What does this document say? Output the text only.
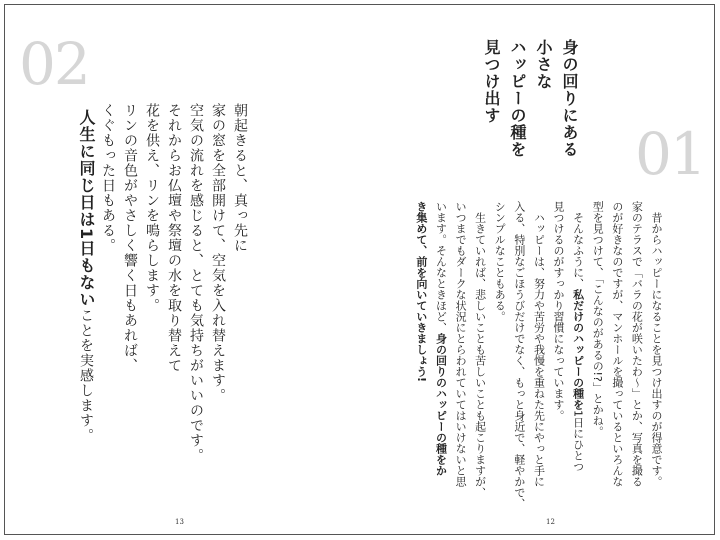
02
朝起きると、真っ先に
家の窓を全部開けて、空気を入れ替えます。
空気の流れを感じると、とても気持ちがいいのです。
それからお仏壇や祭壇の水を取り替えて
花を供え、リンを鳴らします。
リンの音色がやさしく響く日もあれば、
くぐもった日もある。
人生に同じ日は1日もないことを実感します。
13
身の回りにある
小さな
ハッピーの種を
見つけ出す
01
　昔からハッピーになることを見つけ出すのが得意です。
家のテラスで「バラの花が咲いたわ〜」とか、写真を撮る
のが好きなのですが、マンホールを撮っているといろんな
型を見つけて、「こんなのがあるの!?」とかね。
　そんなふうに、私だけのハッピーの種を1日にひとつ
見つけるのがすっかり習慣になっています。
　ハッピーは、努力や苦労や我慢を重ねた先にやっと手に
入る、特別なごほうびだけでなく、もっと身近で、軽やかで、
シンプルなこともある。
　生きていれば、悲しいことも苦しいことも起こりますが、
いつまでもダークな状況にとらわれていてはいけないと思
います。そんなときほど、身の回りのハッピーの種をか
き集めて、前を向いていきましょう!
12
